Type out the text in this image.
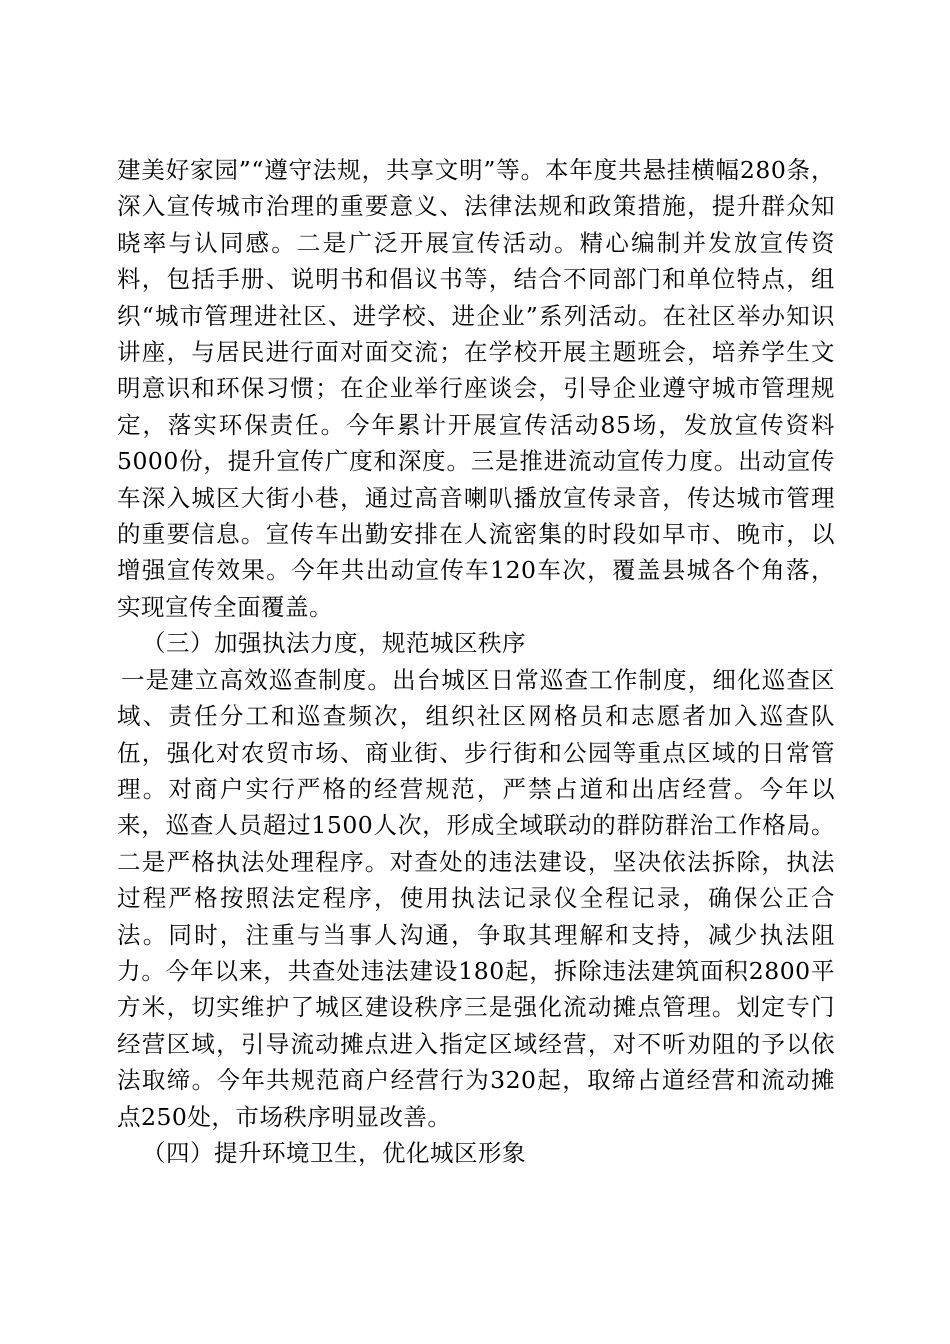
建美好家园”“遵守法规，共享文明”等。本年度共悬挂横幅280条，深入宣传城市治理的重要意义、法律法规和政策措施，提升群众知晓率与认同感。二是广泛开展宣传活动。精心编制并发放宣传资料，包括手册、说明书和倡议书等，结合不同部门和单位特点，组织“城市管理进社区、进学校、进企业”系列活动。在社区举办知识讲座，与居民进行面对面交流；在学校开展主题班会，培养学生文明意识和环保习惯；在企业举行座谈会，引导企业遵守城市管理规定，落实环保责任。今年累计开展宣传活动85场，发放宣传资料5000份，提升宣传广度和深度。三是推进流动宣传力度。出动宣传车深入城区大街小巷，通过高音喇叭播放宣传录音，传达城市管理的重要信息。宣传车出勤安排在人流密集的时段如早市、晚市，以增强宣传效果。今年共出动宣传车120车次，覆盖县城各个角落，实现宣传全面覆盖。

（三）加强执法力度，规范城区秩序

一是建立高效巡查制度。出台城区日常巡查工作制度，细化巡查区域、责任分工和巡查频次，组织社区网格员和志愿者加入巡查队伍，强化对农贸市场、商业街、步行街和公园等重点区域的日常管理。对商户实行严格的经营规范，严禁占道和出店经营。今年以来，巡查人员超过1500人次，形成全域联动的群防群治工作格局。二是严格执法处理程序。对查处的违法建设，坚决依法拆除，执法过程严格按照法定程序，使用执法记录仪全程记录，确保公正合法。同时，注重与当事人沟通，争取其理解和支持，减少执法阻力。今年以来，共查处违法建设180起，拆除违法建筑面积2800平方米，切实维护了城区建设秩序三是强化流动摊点管理。划定专门经营区域，引导流动摊点进入指定区域经营，对不听劝阻的予以依法取缔。今年共规范商户经营行为320起，取缔占道经营和流动摊点250处，市场秩序明显改善。

（四）提升环境卫生，优化城区形象
